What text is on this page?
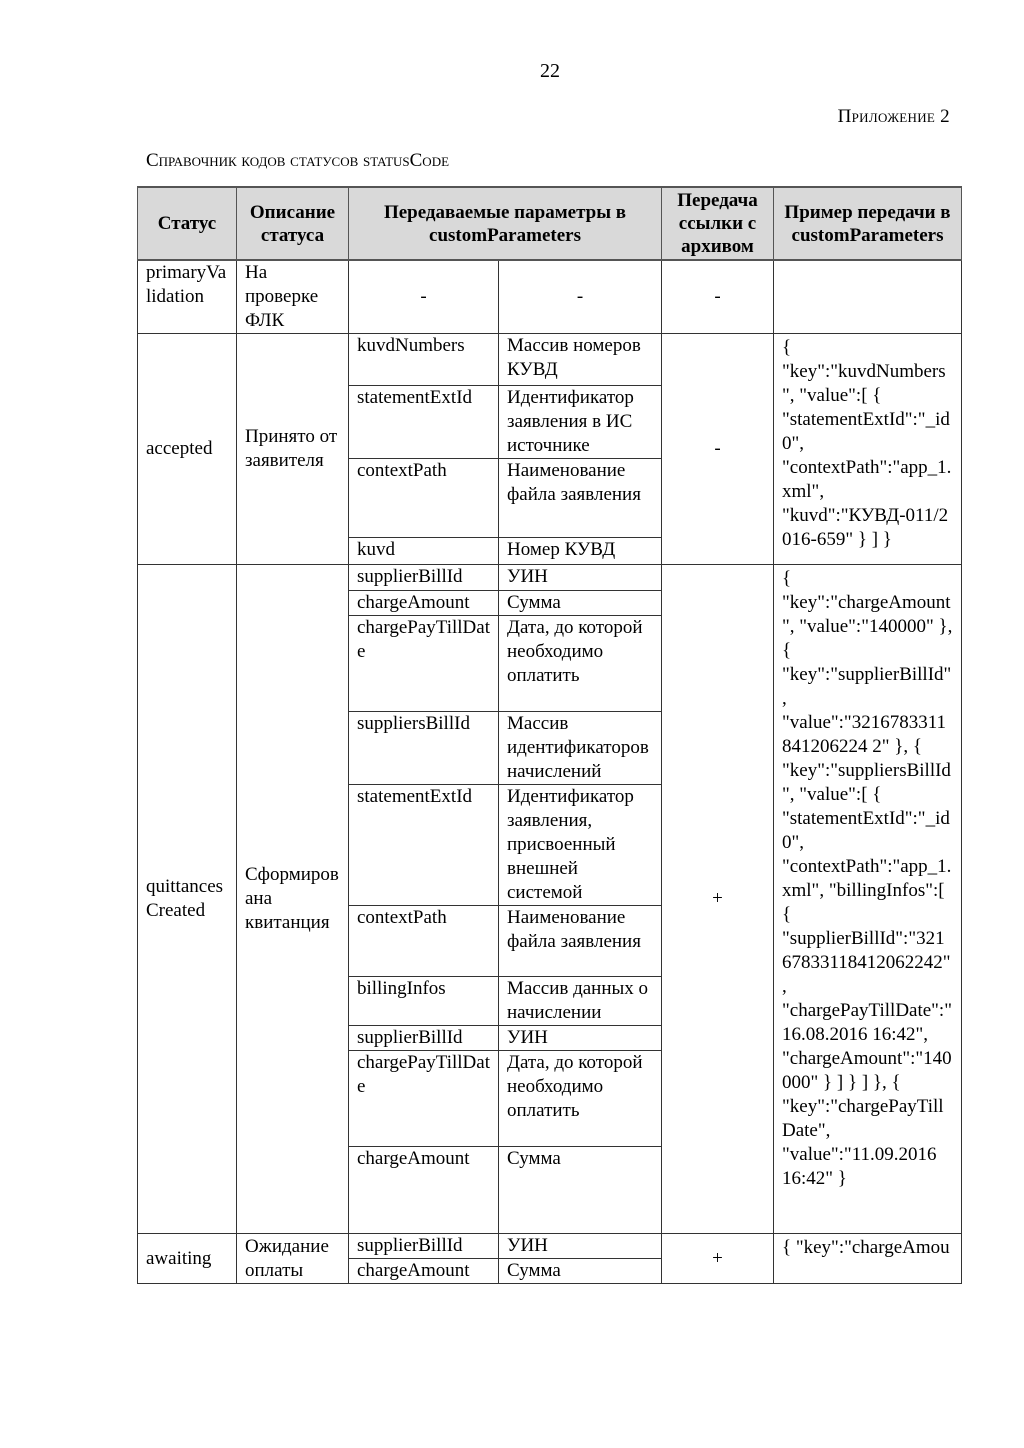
22
Приложение 2
Справочник кодов статусов statusCode
Статус	Описание статуса	Передаваемые параметры в customParameters		Передача ссылки с архивом	Пример передачи в customParameters
primaryValidation	На проверке ФЛК	-	-	-	
accepted	Принято от заявителя	kuvdNumbers	Массив номеров КУВД	-	{ "key":"kuvdNumbers", "value":[ { "statementExtId":"_id0", "contextPath":"app_1.xml", "kuvd":"КУВД-011/2016-659" } ] }
		statementExtId	Идентификатор заявления в ИС источнике		
		contextPath	Наименование файла заявления		
		kuvd	Номер КУВД		
quittancesCreated	Сформирована квитанция	supplierBillId	УИН	+	{ "key":"chargeAmount", "value":"140000" }, { "key":"supplierBillId", "value":"3216783311841206224 2" }, { "key":"suppliersBillId", "value":[ { "statementExtId":"_id0", "contextPath":"app_1.xml", "billingInfos":[ { "supplierBillId":"32167833118412062242", "chargePayTillDate":"16.08.2016 16:42", "chargeAmount":"140000" } ] } ] }, { "key":"chargePayTillDate", "value":"11.09.2016 16:42" }
		chargeAmount	Сумма		
		chargePayTillDate	Дата, до которой необходимо оплатить		
		suppliersBillId	Массив идентификаторов начислений		
		statementExtId	Идентификатор заявления, присвоенный внешней системой		
		contextPath	Наименование файла заявления		
		billingInfos	Массив данных о начислении		
		supplierBillId	УИН		
		chargePayTillDate	Дата, до которой необходимо оплатить		
		chargeAmount	Сумма		
awaiting	Ожидание оплаты	supplierBillId	УИН	+	{ "key":"chargeAmou
		chargeAmount	Сумма		
